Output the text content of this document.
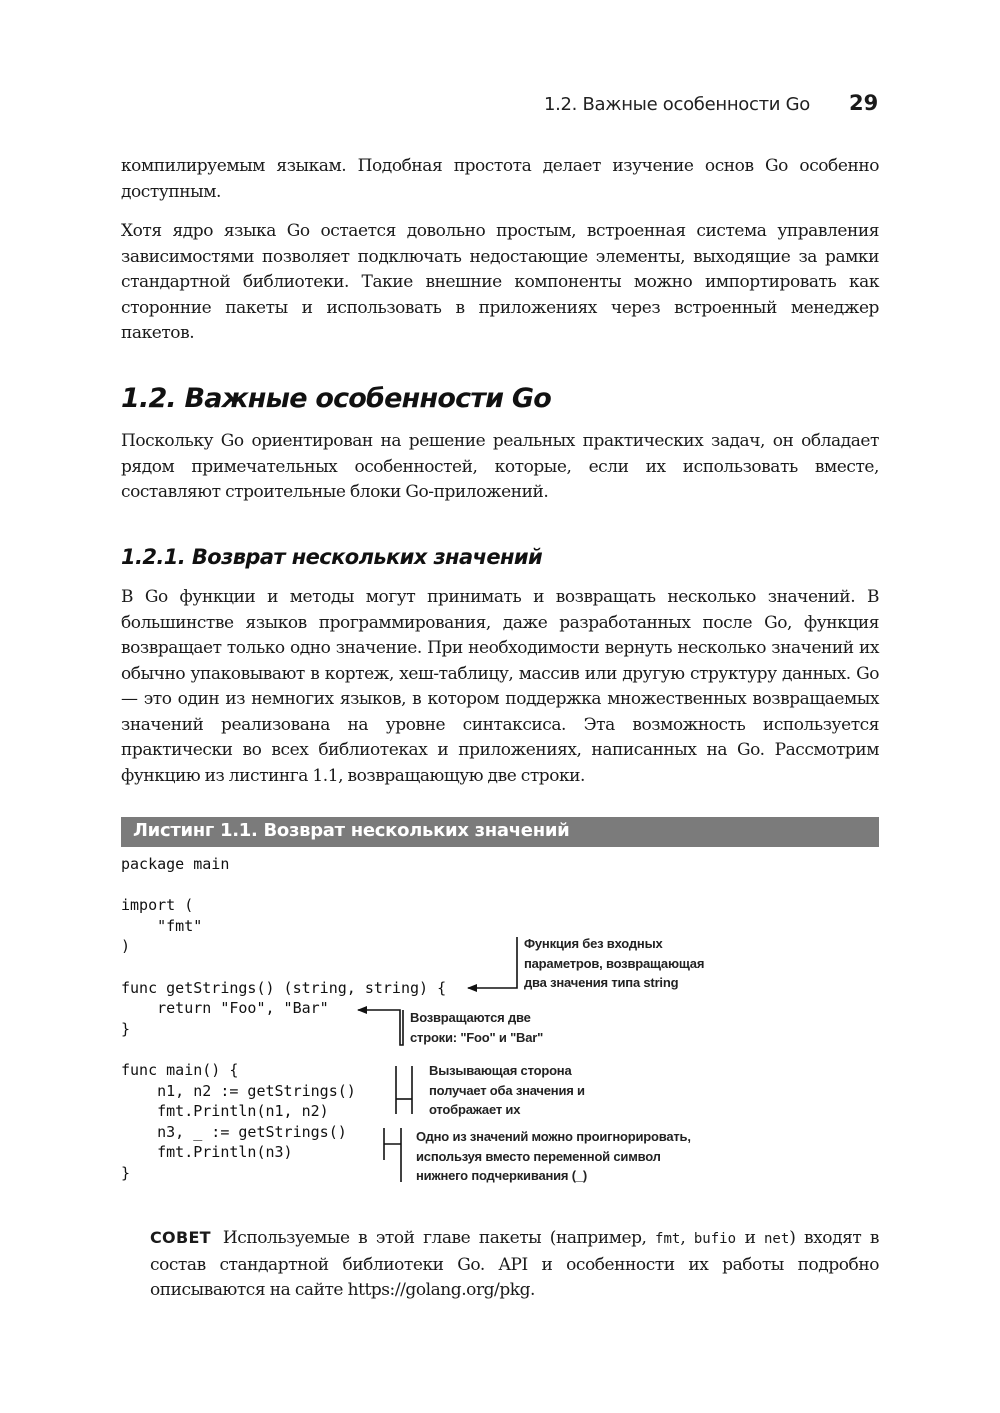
1.2. Важные особенности Go 29

компилируемым языкам. Подобная простота делает изучение основ Go особенно доступным.

Хотя ядро языка Go остается довольно простым, встроенная система управления зависимостями позволяет подключать недостающие элементы, выходящие за рамки стандартной библиотеки. Такие внешние компоненты можно импортировать как сторонние пакеты и использовать в приложениях через встроенный менеджер пакетов.

1.2. Важные особенности Go

Поскольку Go ориентирован на решение реальных практических задач, он обладает рядом примечательных особенностей, которые, если их использовать вместе, составляют строительные блоки Go-приложений.

1.2.1. Возврат нескольких значений

В Go функции и методы могут принимать и возвращать несколько значений. В большинстве языков программирования, даже разработанных после Go, функция возвращает только одно значение. При необходимости вернуть несколько значений их обычно упаковывают в кортеж, хеш-таблицу, массив или другую структуру данных. Go — это один из немногих языков, в котором поддержка множественных возвращаемых значений реализована на уровне синтаксиса. Эта возможность используется практически во всех библиотеках и приложениях, написанных на Go. Рассмотрим функцию из листинга 1.1, возвращающую две строки.

Листинг 1.1. Возврат нескольких значений
package main

import (
"fmt"
)

func getStrings() (string, string) {
return "Foo", "Bar"
}

func main() {
n1, n2 := getStrings()
fmt.Println(n1, n2)
n3, _ := getStrings()
fmt.Println(n3)
}
Функция без входных параметров, возвращающая два значения типа string
Возвращаются две строки: "Foo" и "Bar"
Вызывающая сторона получает оба значения и отображает их
Одно из значений можно проигнорировать, используя вместо переменной символ нижнего подчеркивания (_)

СОВЕТ Используемые в этой главе пакеты (например, fmt, bufio и net) входят в состав стандартной библиотеки Go. API и особенности их работы подробно описываются на сайте https://golang.org/pkg.
